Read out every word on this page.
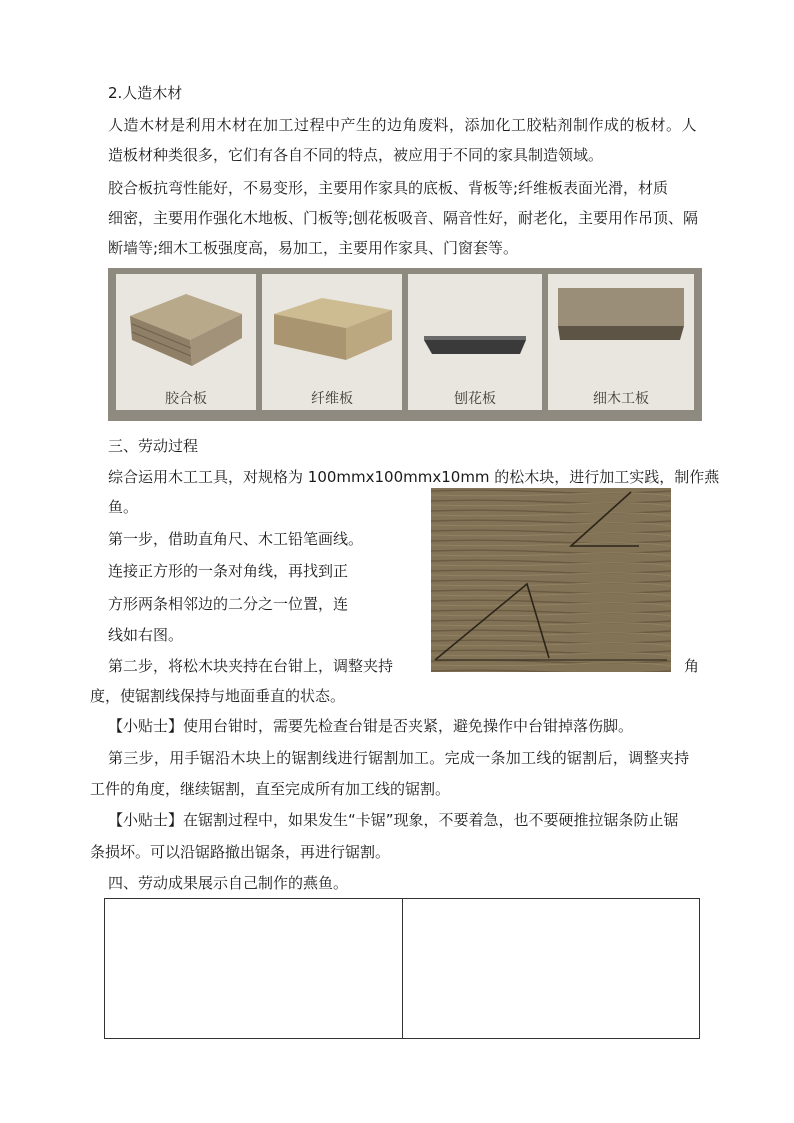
2.人造木材
人造木材是利用木材在加工过程中产生的边角废料，添加化工胶粘剂制作成的板材。人
造板材种类很多，它们有各自不同的特点，被应用于不同的家具制造领域。
胶合板抗弯性能好，不易变形，主要用作家具的底板、背板等;纤维板表面光滑，材质
细密，主要用作强化木地板、门板等;刨花板吸音、隔音性好，耐老化，主要用作吊顶、隔
断墙等;细木工板强度高，易加工，主要用作家具、门窗套等。
胶合板	纤维板	刨花板	细木工板
三、劳动过程
综合运用木工工具，对规格为 100mmx100mmx10mm 的松木块，进行加工实践，制作燕
鱼。
第一步，借助直角尺、木工铅笔画线。
连接正方形的一条对角线，再找到正
方形两条相邻边的二分之一位置，连
线如右图。
第二步，将松木块夹持在台钳上，调整夹持	角
度，使锯割线保持与地面垂直的状态。
【小贴士】使用台钳时，需要先检查台钳是否夹紧，避免操作中台钳掉落伤脚。
第三步，用手锯沿木块上的锯割线进行锯割加工。完成一条加工线的锯割后，调整夹持
工件的角度，继续锯割，直至完成所有加工线的锯割。
【小贴士】在锯割过程中，如果发生“卡锯”现象，不要着急，也不要硬推拉锯条防止锯
条损坏。可以沿锯路撤出锯条，再进行锯割。
四、劳动成果展示自己制作的燕鱼。
